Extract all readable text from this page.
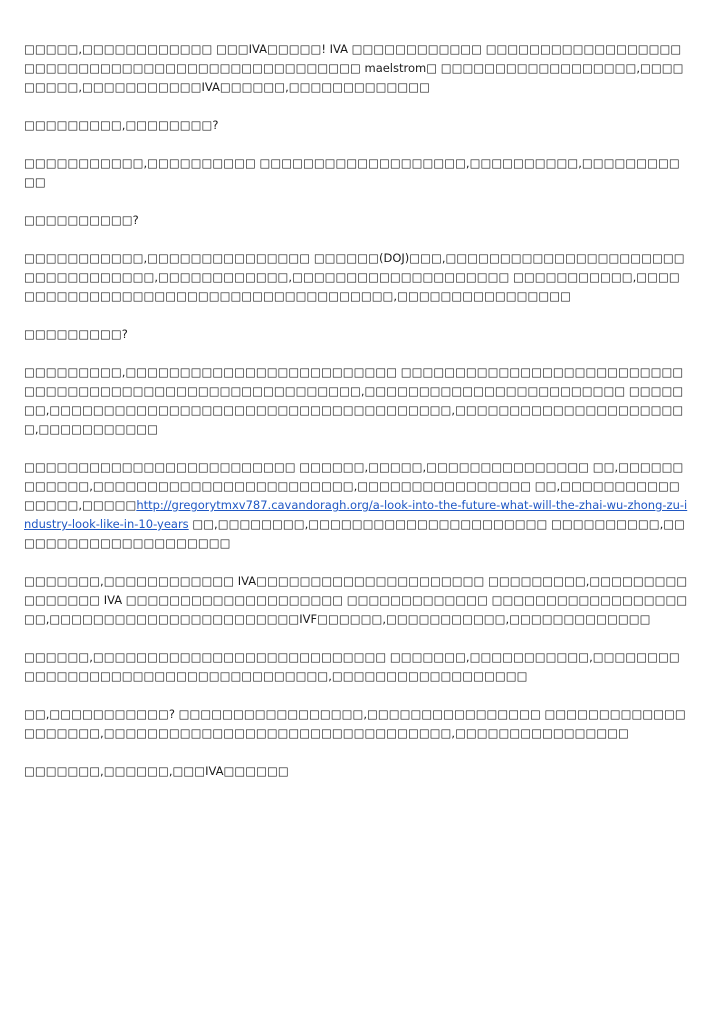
□□□□□,□□□□□□□□□□□□ □□□IVA□□□□□! IVA □□□□□□□□□□□□ □□□□□□□□□□□□□□□□□□□□□□□□□□□□□□□□□□□□□□□□□□□□□□□□□ maelstrom□ □□□□□□□□□□□□□□□□□□,□□□□□□□□□,□□□□□□□□□□□IVA□□□□□□,□□□□□□□□□□□□□

□□□□□□□□□,□□□□□□□□?

□□□□□□□□□□□,□□□□□□□□□□ □□□□□□□□□□□□□□□□□□□,□□□□□□□□□□,□□□□□□□□□□□

□□□□□□□□□□?

□□□□□□□□□□□,□□□□□□□□□□□□□□□ □□□□□□(DOJ)□□□,□□□□□□□□□□□□□□□□□□□□□□□□□□□□□□□□□□,□□□□□□□□□□□□,□□□□□□□□□□□□□□□□□□□□ □□□□□□□□□□□,□□□□□□□□□□□□□□□□□□□□□□□□□□□□□□□□□□□□□□,□□□□□□□□□□□□□□□□

□□□□□□□□□?

□□□□□□□□□,□□□□□□□□□□□□□□□□□□□□□□□□□ □□□□□□□□□□□□□□□□□□□□□□□□□□□□□□□□□□□□□□□□□□□□□□□□□□□□□□□□□,□□□□□□□□□□□□□□□□□□□□□□□□ □□□□□□□,□□□□□□□□□□□□□□□□□□□□□□□□□□□□□□□□□□□□□,□□□□□□□□□□□□□□□□□□□□□□,□□□□□□□□□□□

□□□□□□□□□□□□□□□□□□□□□□□□□ □□□□□□,□□□□□,□□□□□□□□□□□□□□□ □□,□□□□□□□□□□□□,□□□□□□□□□□□□□□□□□□□□□□□□,□□□□□□□□□□□□□□□□ □□,□□□□□□□□□□□□□□□□,□□□□□http://gregorytmxv787.cavandoragh.org/a-look-into-the-future-what-will-the-zhai-wu-zhong-zu-industry-look-like-in-10-years □□,□□□□□□□□,□□□□□□□□□□□□□□□□□□□□□□ □□□□□□□□□□,□□□□□□□□□□□□□□□□□□□□□

□□□□□□□,□□□□□□□□□□□□ IVA□□□□□□□□□□□□□□□□□□□□□ □□□□□□□□□,□□□□□□□□□□□□□□□□ IVA □□□□□□□□□□□□□□□□□□□□ □□□□□□□□□□□□□ □□□□□□□□□□□□□□□□□□□□,□□□□□□□□□□□□□□□□□□□□□□□IVF□□□□□□,□□□□□□□□□□□,□□□□□□□□□□□□□

□□□□□□,□□□□□□□□□□□□□□□□□□□□□□□□□□□ □□□□□□□,□□□□□□□□□□□,□□□□□□□□□□□□□□□□□□□□□□□□□□□□□□□□□□□□,□□□□□□□□□□□□□□□□□□

□□,□□□□□□□□□□□? □□□□□□□□□□□□□□□□□,□□□□□□□□□□□□□□□□ □□□□□□□□□□□□□□□□□□□□,□□□□□□□□□□□□□□□□□□□□□□□□□□□□□□□□,□□□□□□□□□□□□□□□□

□□□□□□□,□□□□□□,□□□IVA□□□□□□
